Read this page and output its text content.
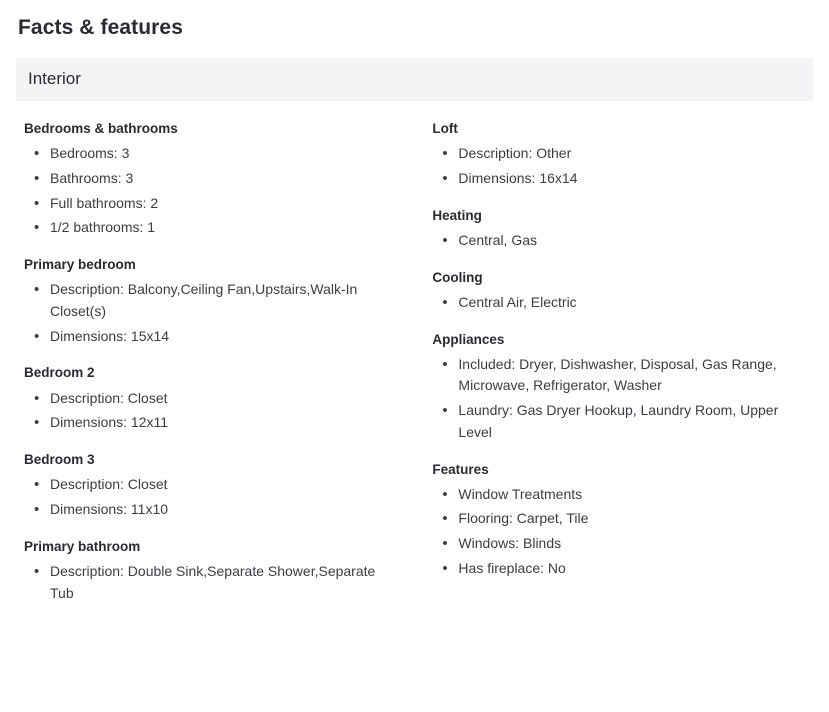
Facts & features
Interior
Bedrooms & bathrooms
• Bedrooms: 3
• Bathrooms: 3
• Full bathrooms: 2
• 1/2 bathrooms: 1
Primary bedroom
• Description: Balcony,Ceiling Fan,Upstairs,Walk-In Closet(s)
• Dimensions: 15x14
Bedroom 2
• Description: Closet
• Dimensions: 12x11
Bedroom 3
• Description: Closet
• Dimensions: 11x10
Primary bathroom
• Description: Double Sink,Separate Shower,Separate Tub
Loft
• Description: Other
• Dimensions: 16x14
Heating
• Central, Gas
Cooling
• Central Air, Electric
Appliances
• Included: Dryer, Dishwasher, Disposal, Gas Range, Microwave, Refrigerator, Washer
• Laundry: Gas Dryer Hookup, Laundry Room, Upper Level
Features
• Window Treatments
• Flooring: Carpet, Tile
• Windows: Blinds
• Has fireplace: No
